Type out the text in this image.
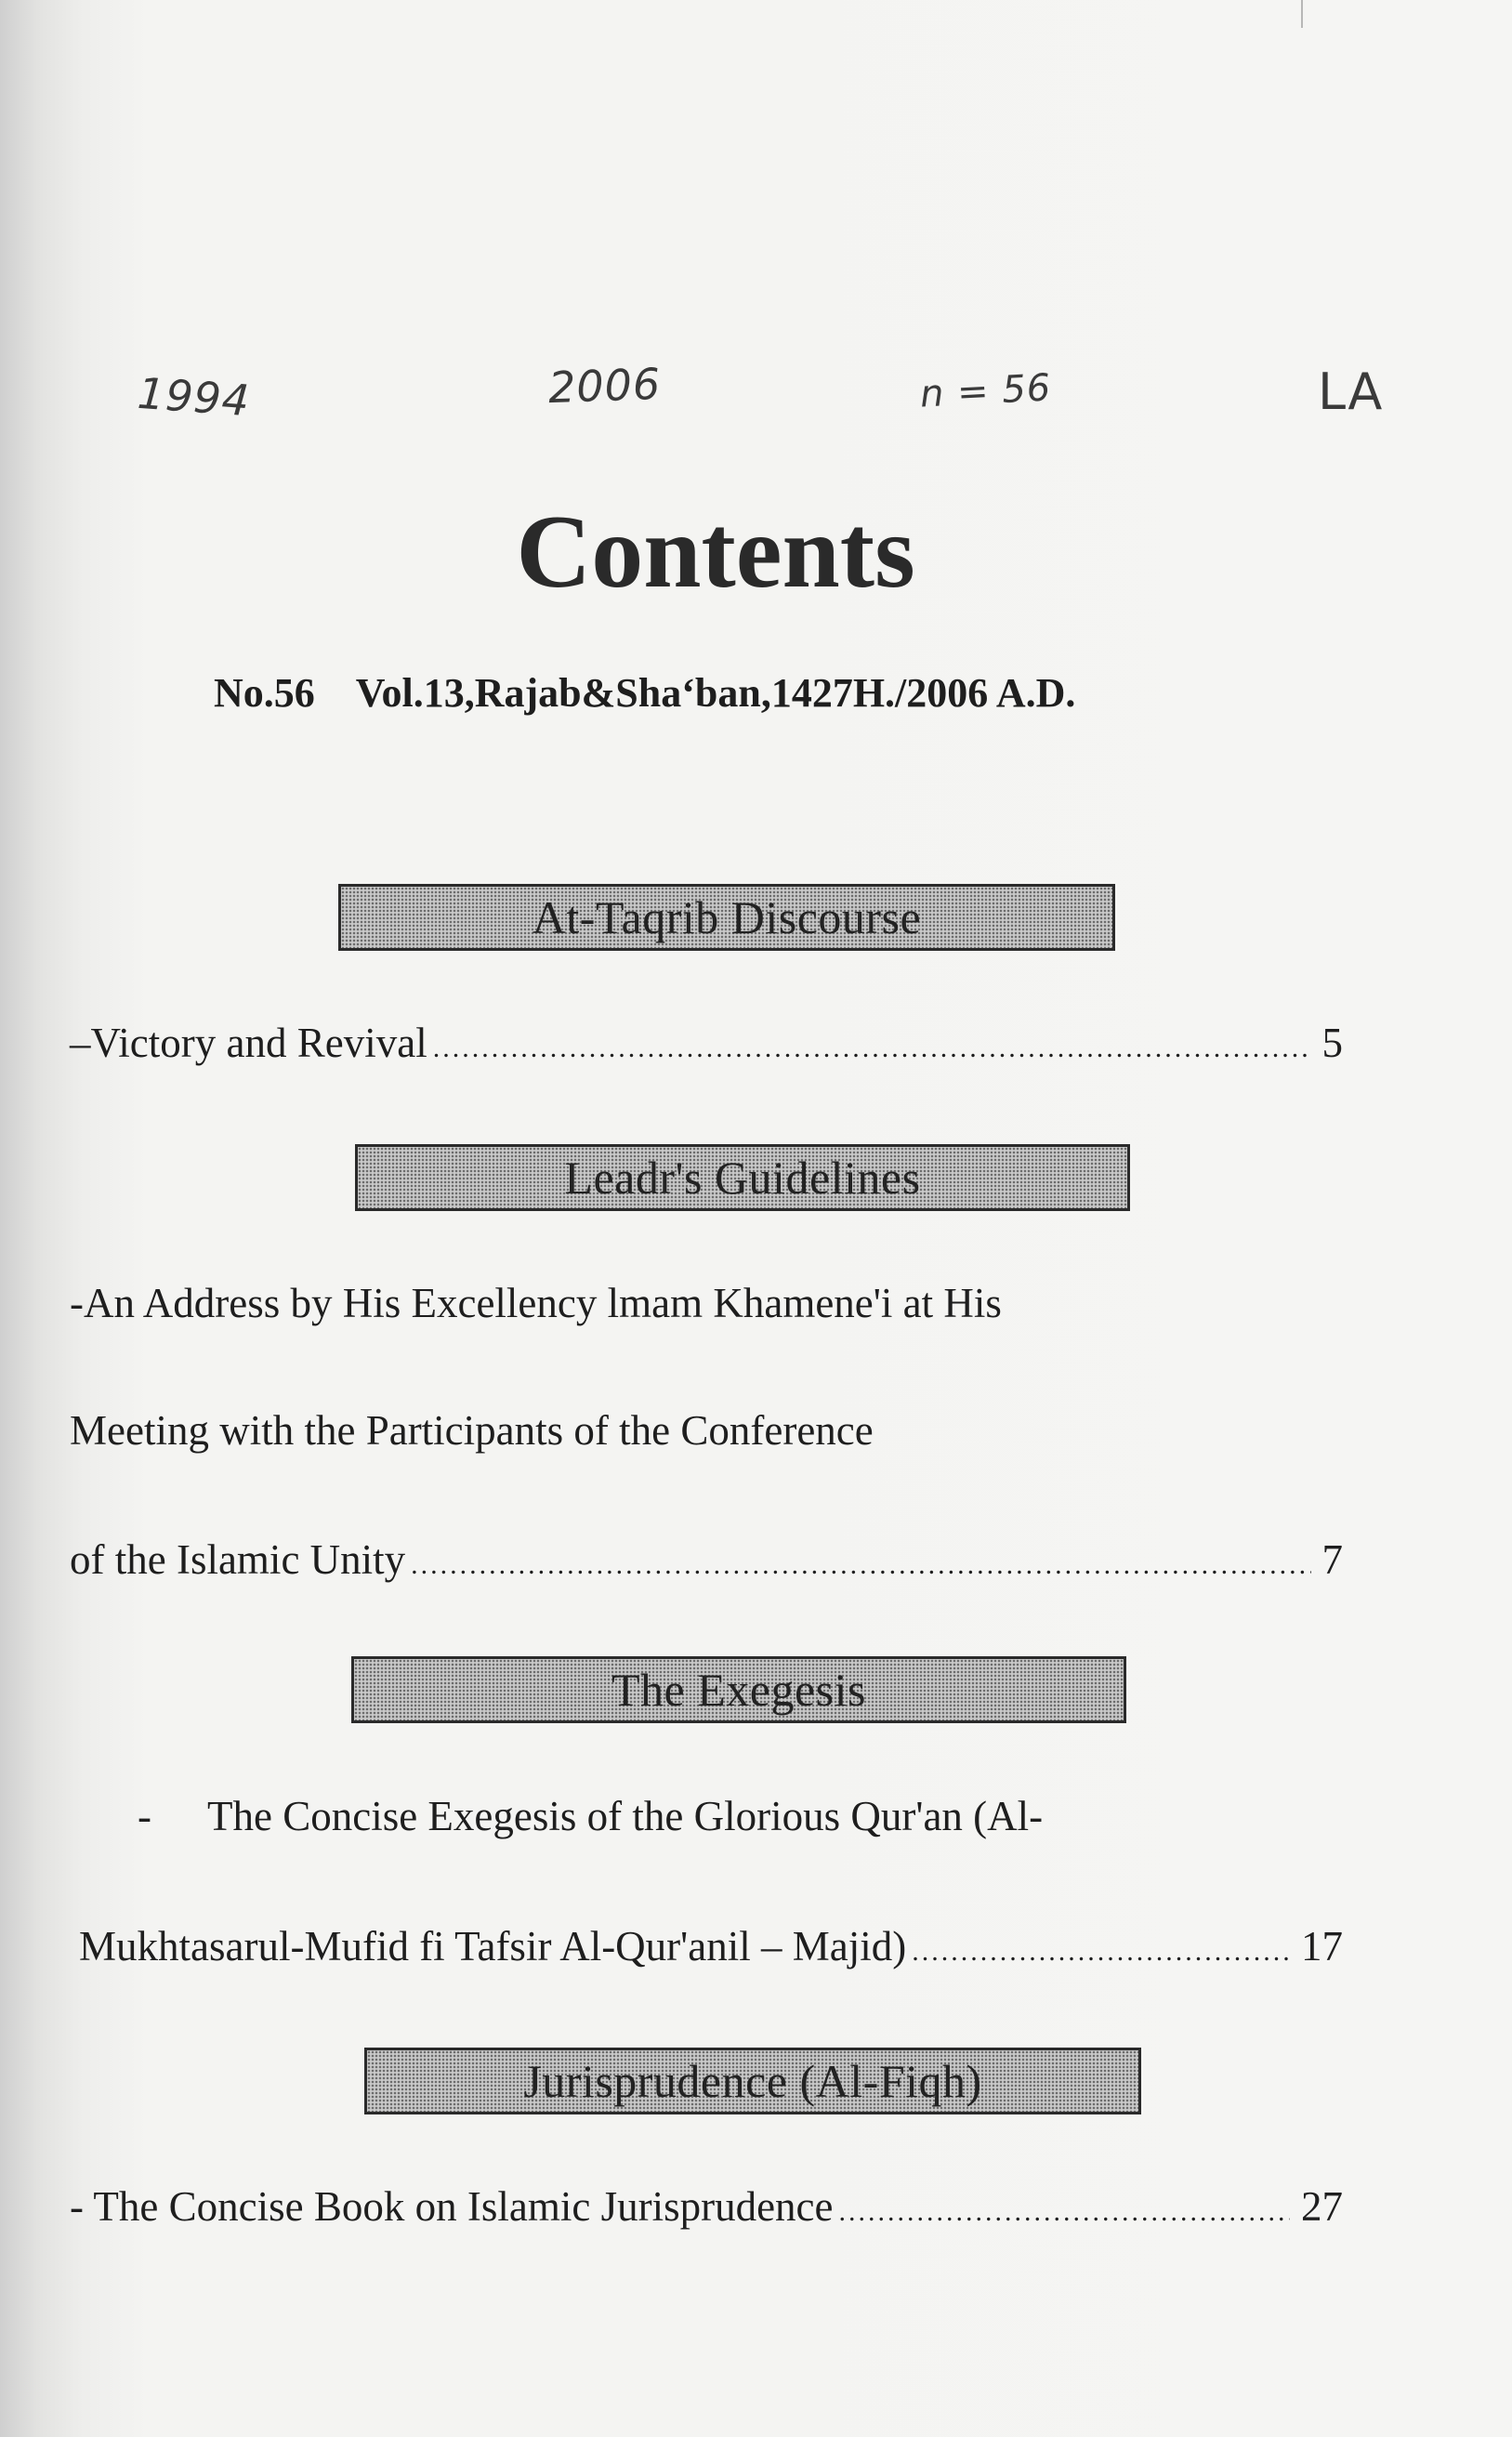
1994	2006	n = 56	LA
Contents
No.56 Vol.13,Rajab&Sha‘ban,1427H./2006 A.D.
At-Taqrib Discourse
–Victory and Revival .....	5
Leadr's Guidelines
-An Address by His Excellency lmam Khamene'i at His
Meeting with the Participants of the Conference
of the Islamic Unity .....	7
The Exegesis
- The Concise Exegesis of the Glorious Qur'an (Al-
Mukhtasarul-Mufid fi Tafsir Al-Qur'anil – Majid) .....	17
Jurisprudence (Al-Fiqh)
- The Concise Book on Islamic Jurisprudence .....	27
